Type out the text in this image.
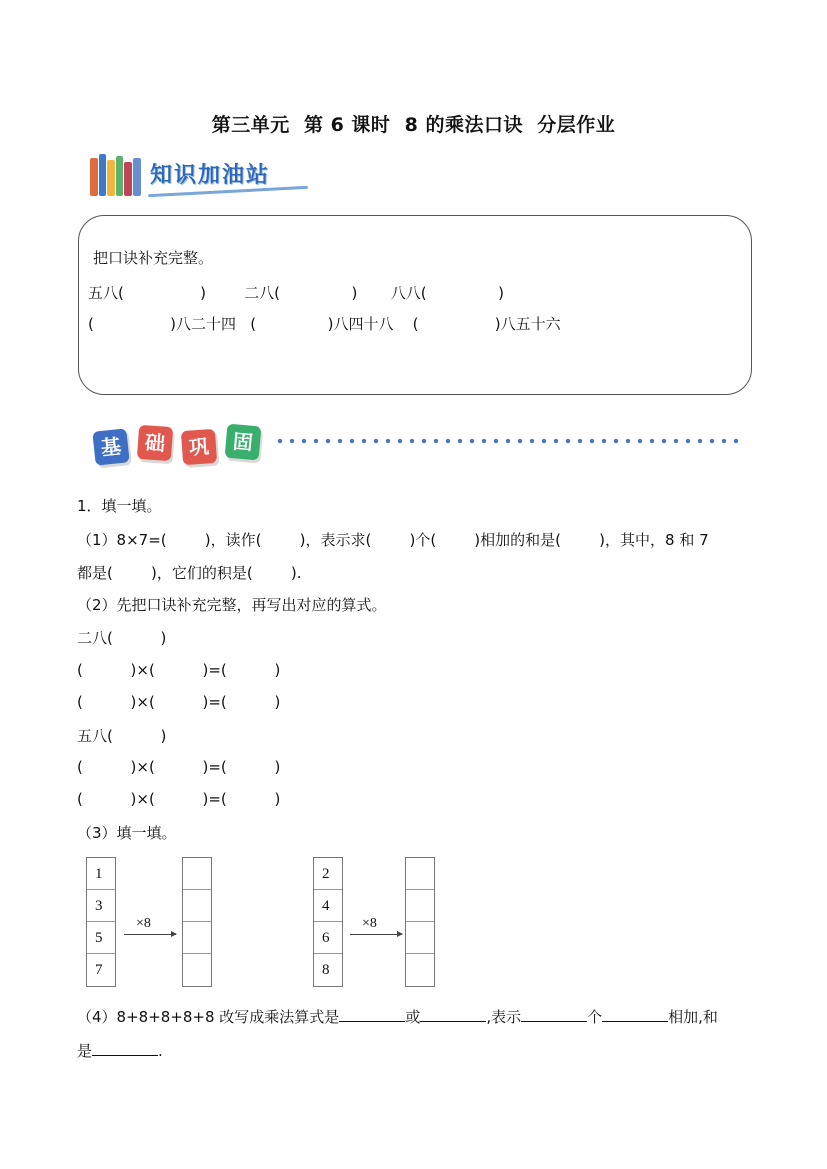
第三单元  第 6 课时  8 的乘法口诀  分层作业

知识加油站

把口诀补充完整。
五八(                )        二八(               )       八八(               )
(                )八二十四   (               )八四十八    (                )八五十六

基

	础

	巩

	固

1．填一填。
（1）8×7=(        )，读作(        )，表示求(        )个(        )相加的和是(        )，其中，8 和 7
都是(        )，它们的积是(        ).
（2）先把口诀补充完整，再写出对应的算式。
二八(          )
(          )×(          )=(          )
(          )×(          )=(          )
五八(          )
(          )×(          )=(          )
(          )×(          )=(          )
（3）填一填。
1
3
5
7
×8
2
4
6
8
×8
（4）8+8+8+8+8 改写成乘法算式是	或	,表示	个	相加,和
是	.
